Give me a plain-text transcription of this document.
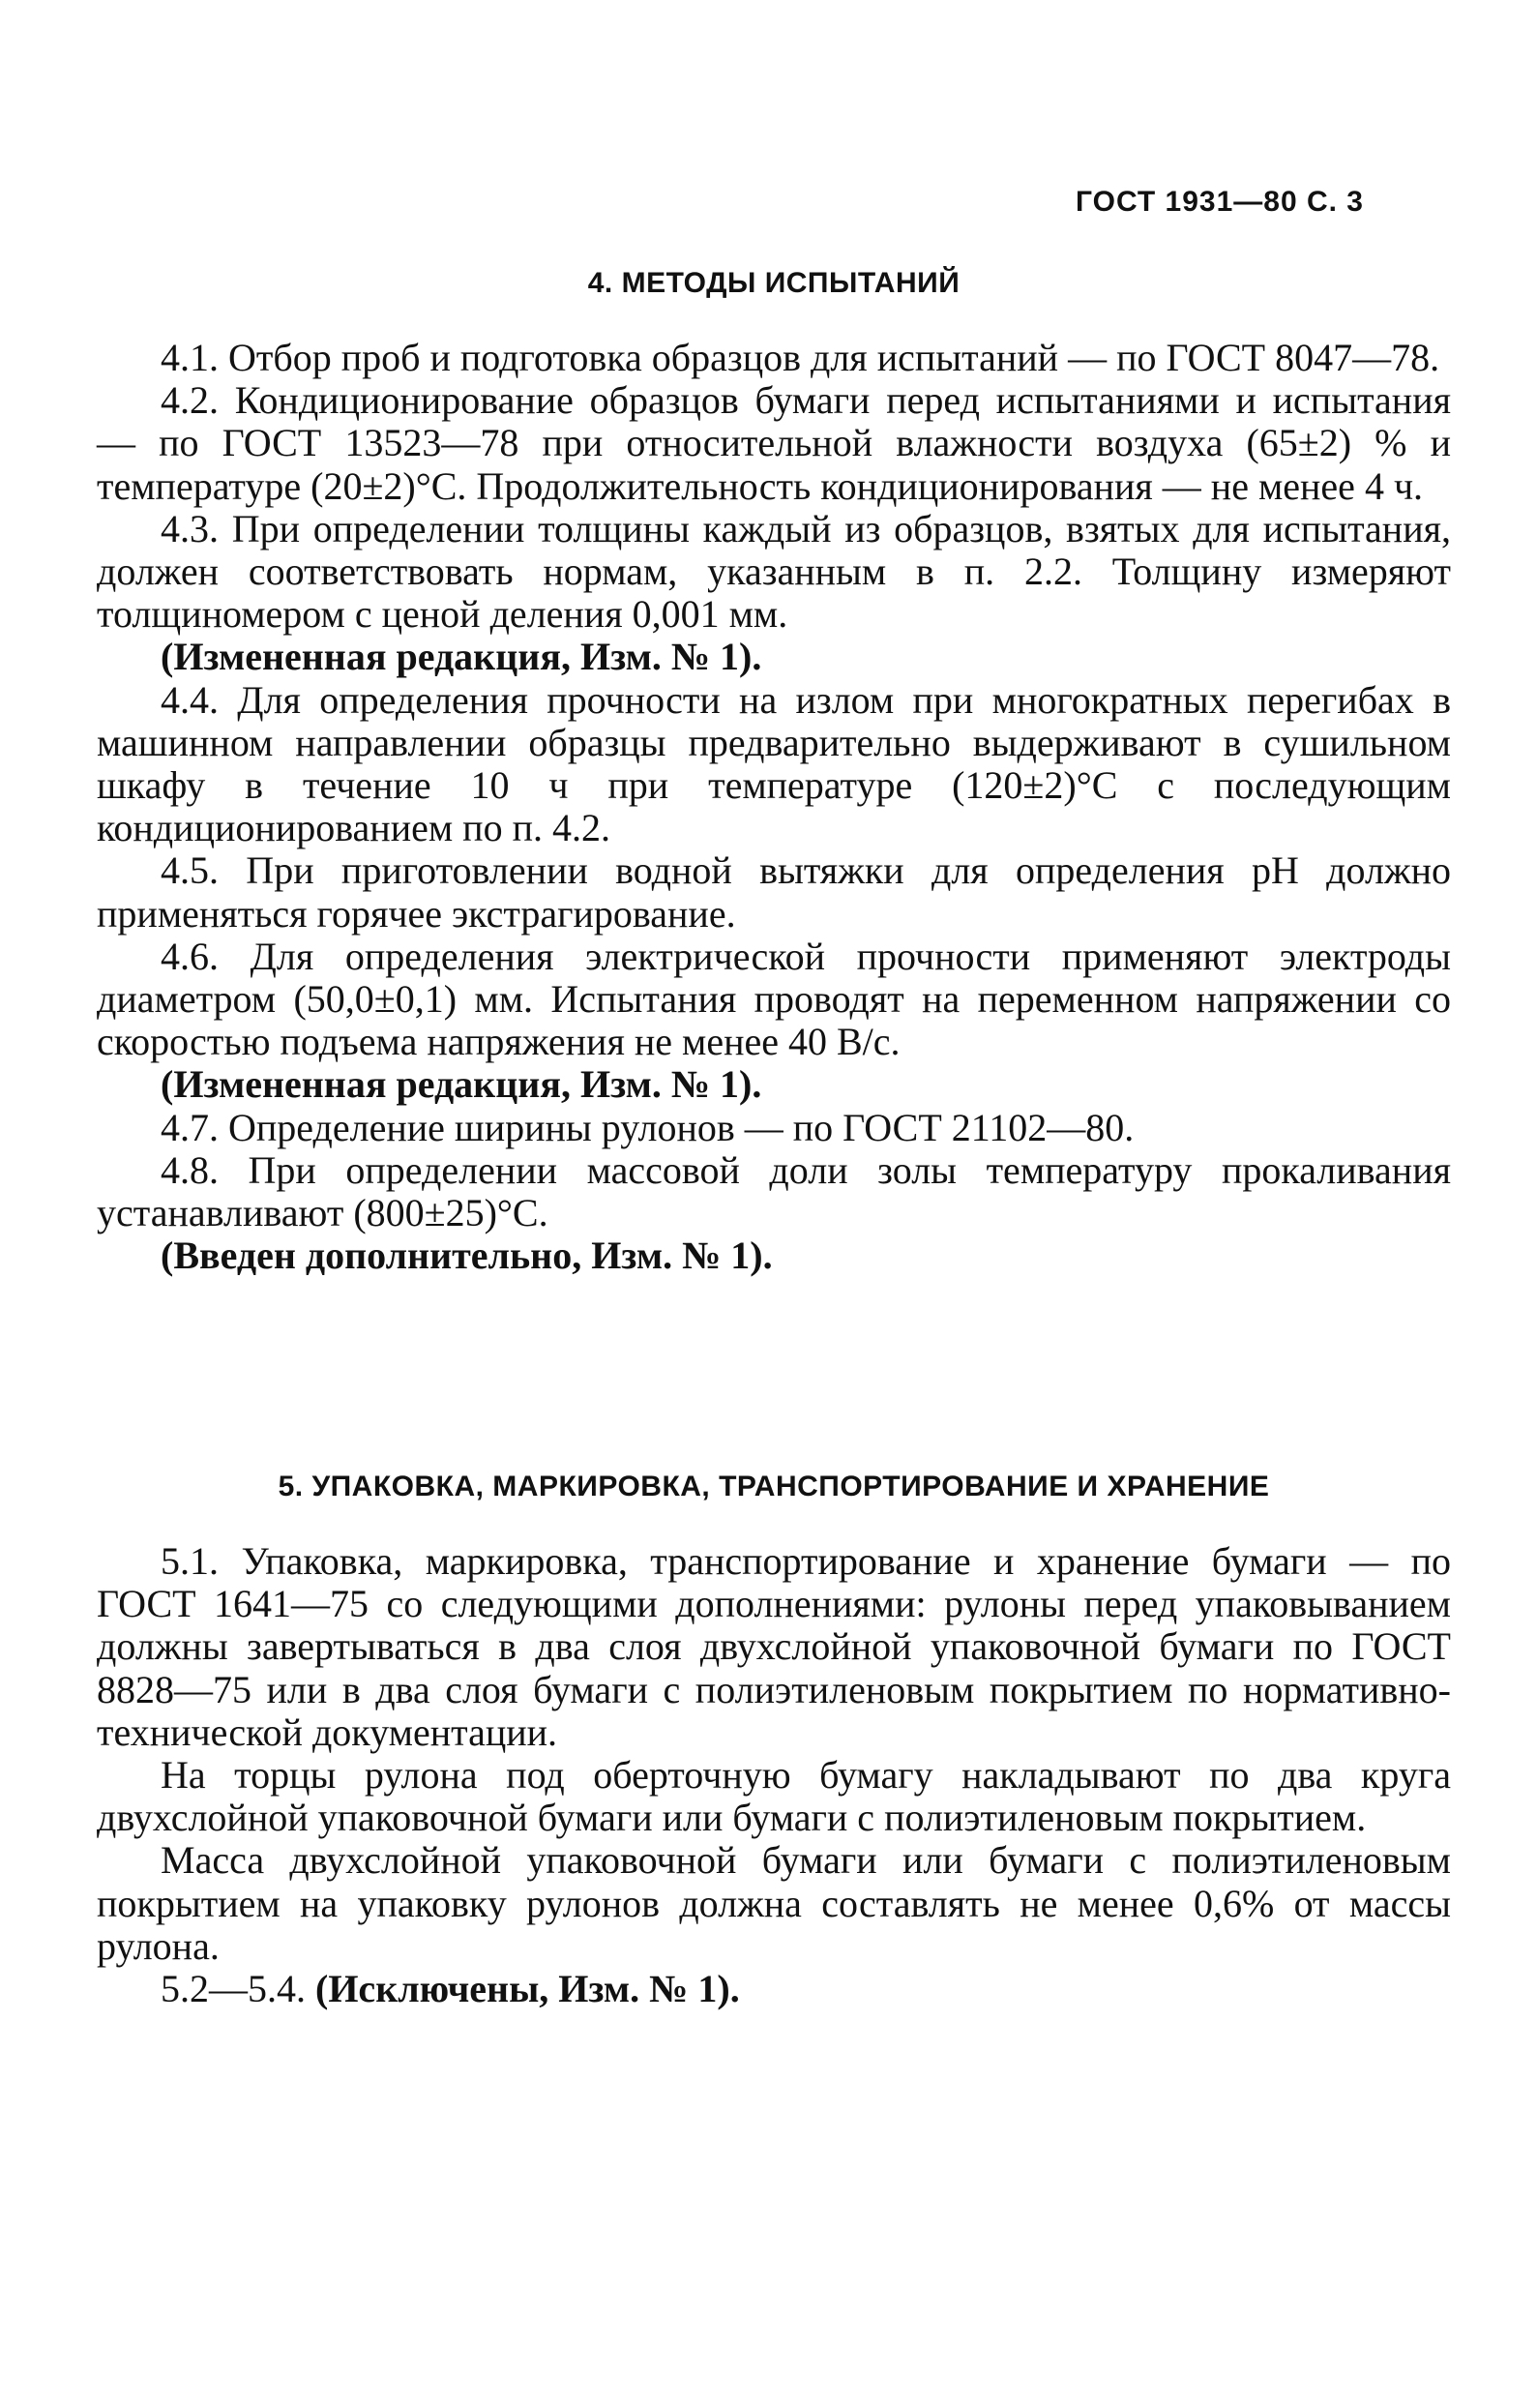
ГОСТ 1931—80 С. 3
4. МЕТОДЫ ИСПЫТАНИЙ

4.1. Отбор проб и подготовка образцов для испытаний — по ГОСТ 8047—78.

4.2. Кондиционирование образцов бумаги перед испытаниями и испытания — по ГОСТ 13523—78 при относительной влажности воздуха (65±2) % и температуре (20±2)°С. Продолжительность кондиционирования — не менее 4 ч.

4.3. При определении толщины каждый из образцов, взятых для испытания, должен соответствовать нормам, указанным в п. 2.2. Толщину измеряют толщиномером с ценой деления 0,001 мм.

(Измененная редакция, Изм. № 1).

4.4. Для определения прочности на излом при многократных перегибах в машинном направлении образцы предварительно выдерживают в сушильном шкафу в течение 10 ч при температуре (120±2)°С с последующим кондиционированием по п. 4.2.

4.5. При приготовлении водной вытяжки для определения pH должно применяться горячее экстрагирование.

4.6. Для определения электрической прочности применяют электроды диаметром (50,0±0,1) мм. Испытания проводят на переменном напряжении со скоростью подъема напряжения не менее 40 В/с.

(Измененная редакция, Изм. № 1).

4.7. Определение ширины рулонов — по ГОСТ 21102—80.

4.8. При определении массовой доли золы температуру прокаливания устанавливают (800±25)°С.

(Введен дополнительно, Изм. № 1).

5. УПАКОВКА, МАРКИРОВКА, ТРАНСПОРТИРОВАНИЕ И ХРАНЕНИЕ

5.1. Упаковка, маркировка, транспортирование и хранение бумаги — по ГОСТ 1641—75 со следующими дополнениями: рулоны перед упаковыванием должны завертываться в два слоя двухслойной упаковочной бумаги по ГОСТ 8828—75 или в два слоя бумаги с полиэтиленовым покрытием по нормативно-технической документации.

На торцы рулона под оберточную бумагу накладывают по два круга двухслойной упаковочной бумаги или бумаги с полиэтиленовым покрытием.

Масса двухслойной упаковочной бумаги или бумаги с полиэтиленовым покрытием на упаковку рулонов должна составлять не менее 0,6% от массы рулона.

5.2—5.4. (Исключены, Изм. № 1).
